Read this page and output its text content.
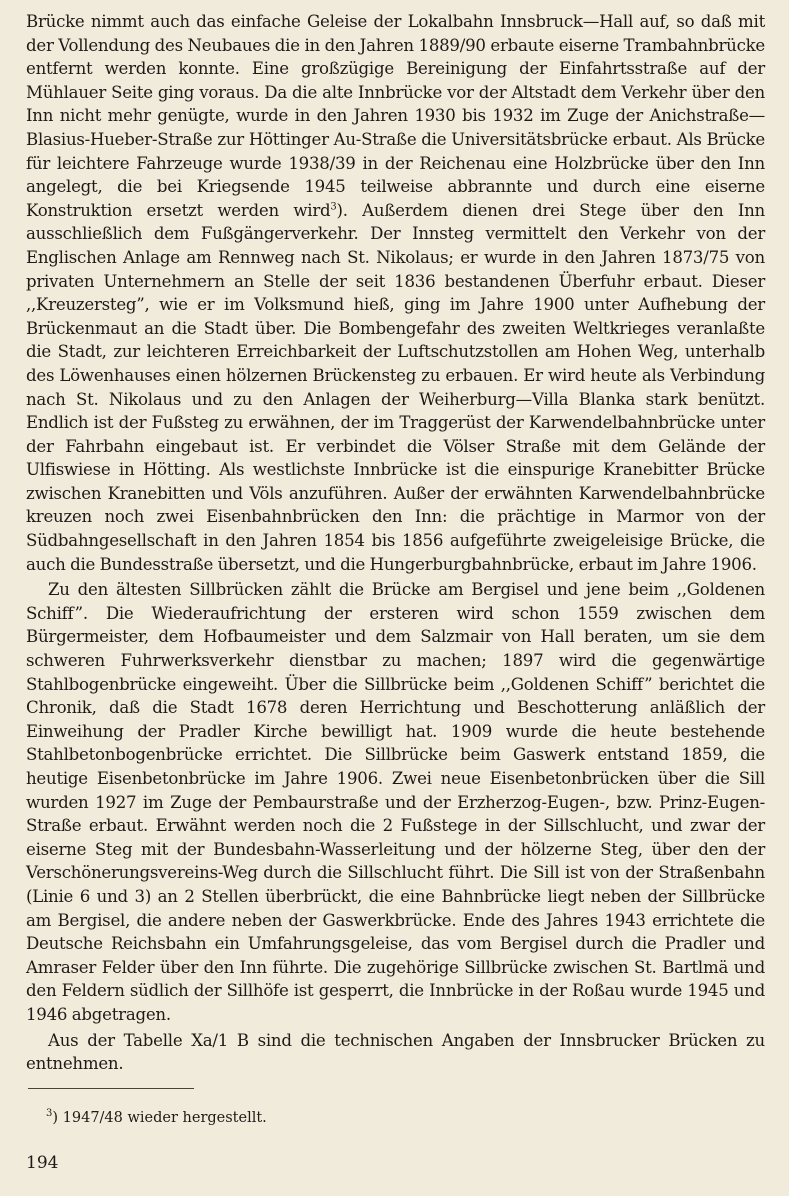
Brücke nimmt auch das einfache Geleise der Lokalbahn Innsbruck—Hall auf, so daß mit der Vollendung des Neubaues die in den Jahren 1889/90 erbaute eiserne Trambahnbrücke entfernt werden konnte. Eine großzügige Bereinigung der Einfahrtsstraße auf der Mühlauer Seite ging voraus. Da die alte Innbrücke vor der Altstadt dem Verkehr über den Inn nicht mehr genügte, wurde in den Jahren 1930 bis 1932 im Zuge der Anichstraße—Blasius-Hueber-Straße zur Höttinger Au-Straße die Universitätsbrücke erbaut. Als Brücke für leichtere Fahrzeuge wurde 1938/39 in der Reichenau eine Holzbrücke über den Inn angelegt, die bei Kriegsende 1945 teilweise abbrannte und durch eine eiserne Konstruktion ersetzt werden wird$^3$). Außerdem dienen drei Stege über den Inn ausschließlich dem Fußgängerverkehr. Der Innsteg vermittelt den Verkehr von der Englischen Anlage am Rennweg nach St. Nikolaus; er wurde in den Jahren 1873/75 von privaten Unternehmern an Stelle der seit 1836 bestandenen Überfuhr erbaut. Dieser ,,Kreuzersteg”, wie er im Volksmund hieß, ging im Jahre 1900 unter Aufhebung der Brückenmaut an die Stadt über. Die Bombengefahr des zweiten Weltkrieges veranlaßte die Stadt, zur leichteren Erreichbarkeit der Luftschutzstollen am Hohen Weg, unterhalb des Löwenhauses einen hölzernen Brückensteg zu erbauen. Er wird heute als Verbindung nach St. Nikolaus und zu den Anlagen der Weiherburg—Villa Blanka stark benützt. Endlich ist der Fußsteg zu erwähnen, der im Traggerüst der Karwendelbahnbrücke unter der Fahrbahn eingebaut ist. Er verbindet die Völser Straße mit dem Gelände der Ulfiswiese in Hötting. Als westlichste Innbrücke ist die einspurige Kranebitter Brücke zwischen Kranebitten und Völs anzuführen. Außer der erwähnten Karwendelbahnbrücke kreuzen noch zwei Eisenbahnbrücken den Inn: die prächtige in Marmor von der Südbahngesellschaft in den Jahren 1854 bis 1856 aufgeführte zweigeleisige Brücke, die auch die Bundesstraße übersetzt, und die Hungerburgbahnbrücke, erbaut im Jahre 1906.

Zu den ältesten Sillbrücken zählt die Brücke am Bergisel und jene beim ,,Goldenen Schiff”. Die Wiederaufrichtung der ersteren wird schon 1559 zwischen dem Bürgermeister, dem Hofbaumeister und dem Salzmair von Hall beraten, um sie dem schweren Fuhrwerksverkehr dienstbar zu machen; 1897 wird die gegenwärtige Stahlbogenbrücke eingeweiht. Über die Sillbrücke beim ,,Goldenen Schiff” berichtet die Chronik, daß die Stadt 1678 deren Herrichtung und Beschotterung anläßlich der Einweihung der Pradler Kirche bewilligt hat. 1909 wurde die heute bestehende Stahlbetonbogenbrücke errichtet. Die Sillbrücke beim Gaswerk entstand 1859, die heutige Eisenbetonbrücke im Jahre 1906. Zwei neue Eisenbetonbrücken über die Sill wurden 1927 im Zuge der Pembaurstraße und der Erzherzog-Eugen-, bzw. Prinz-Eugen-Straße erbaut. Erwähnt werden noch die 2 Fußstege in der Sillschlucht, und zwar der eiserne Steg mit der Bundesbahn-Wasserleitung und der hölzerne Steg, über den der Verschönerungsvereins-Weg durch die Sillschlucht führt. Die Sill ist von der Straßenbahn (Linie 6 und 3) an 2 Stellen überbrückt, die eine Bahnbrücke liegt neben der Sillbrücke am Bergisel, die andere neben der Gaswerkbrücke. Ende des Jahres 1943 errichtete die Deutsche Reichsbahn ein Umfahrungsgeleise, das vom Bergisel durch die Pradler und Amraser Felder über den Inn führte. Die zugehörige Sillbrücke zwischen St. Bartlmä und den Feldern südlich der Sillhöfe ist gesperrt, die Innbrücke in der Roßau wurde 1945 und 1946 abgetragen.

Aus der Tabelle Xa/1 B sind die technischen Angaben der Innsbrucker Brücken zu entnehmen.

$^3$) 1947/48 wieder hergestellt.
194
